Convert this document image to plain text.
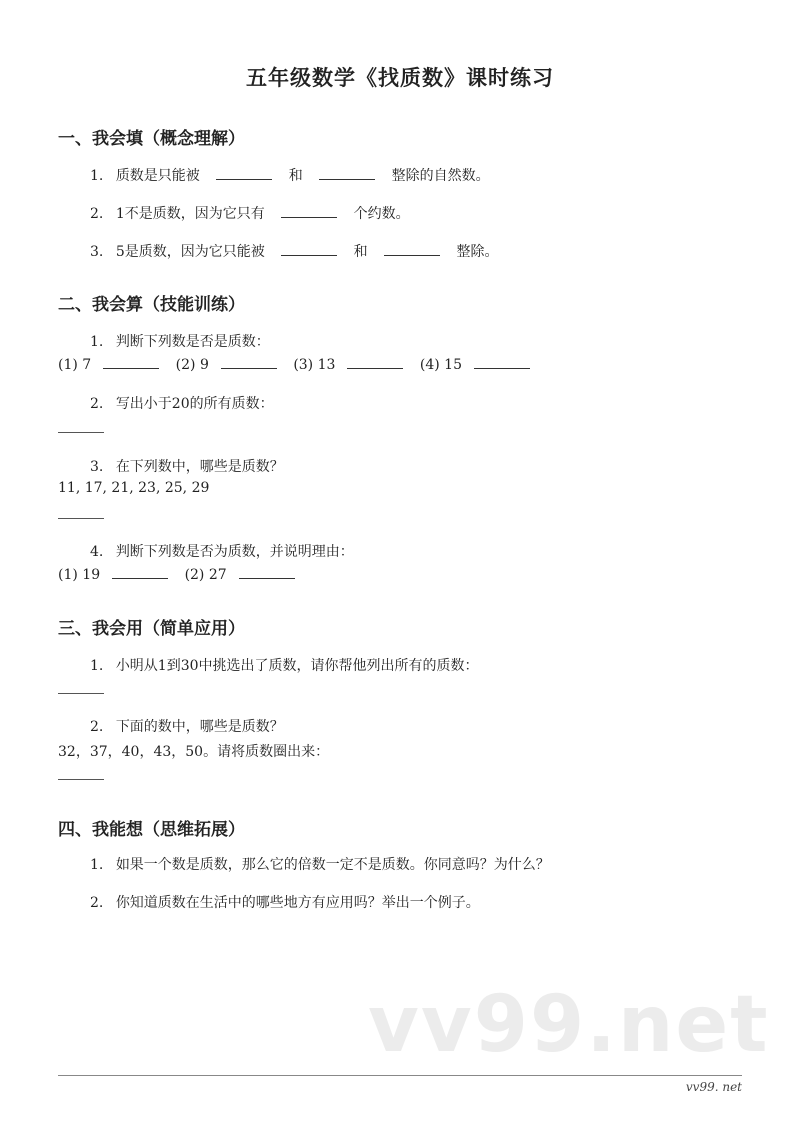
五年级数学《找质数》课时练习
一、我会填（概念理解）
1. 质数是只能被	和	整除的自然数。
2. 1不是质数，因为它只有	个约数。
3. 5是质数，因为它只能被	和	整除。
二、我会算（技能训练）
1. 判断下列数是否是质数：
(1) 7	(2) 9	(3) 13	(4) 15
2. 写出小于20的所有质数：
3. 在下列数中，哪些是质数？
11, 17, 21, 23, 25, 29
4. 判断下列数是否为质数，并说明理由：
(1) 19	(2) 27
三、我会用（简单应用）
1. 小明从1到30中挑选出了质数，请你帮他列出所有的质数：
2. 下面的数中，哪些是质数？
32，37，40，43，50。请将质数圈出来：
四、我能想（思维拓展）
1. 如果一个数是质数，那么它的倍数一定不是质数。你同意吗？为什么？
2. 你知道质数在生活中的哪些地方有应用吗？举出一个例子。
vv99.net
vv99. net
